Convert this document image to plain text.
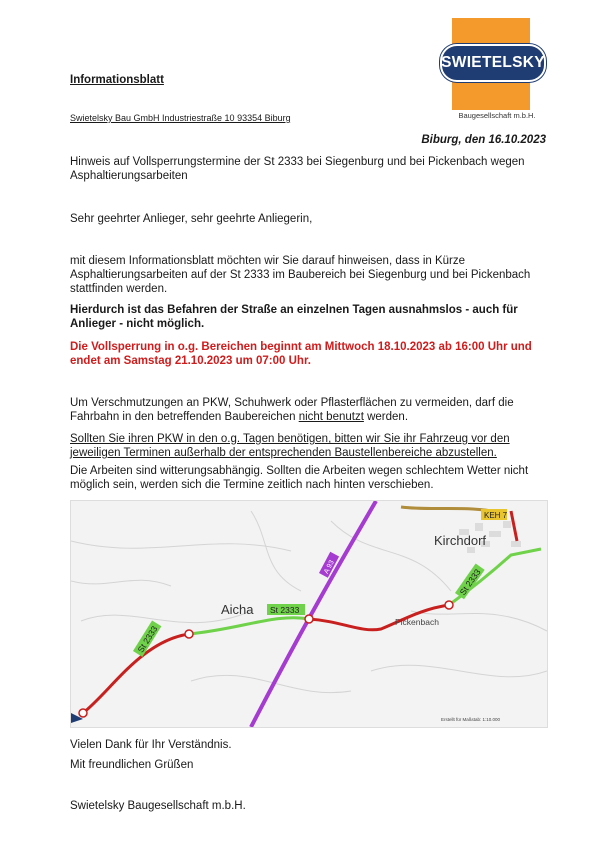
SWIETELSKY
Baugesellschaft m.b.H.
Informationsblatt
Swietelsky Bau GmbH Industriestraße 10 93354 Biburg
Biburg, den 16.10.2023
Hinweis auf Vollsperrungstermine der St 2333 bei Siegenburg und bei Pickenbach wegen Asphaltierungsarbeiten
Sehr geehrter Anlieger, sehr geehrte Anliegerin,
mit diesem Informationsblatt möchten wir Sie darauf hinweisen, dass in Kürze Asphaltierungsarbeiten auf der St 2333 im Baubereich bei Siegenburg und bei Pickenbach stattfinden werden.
Hierdurch ist das Befahren der Straße an einzelnen Tagen ausnahmslos - auch für Anlieger - nicht möglich.
Die Vollsperrung in o.g. Bereichen beginnt am Mittwoch 18.10.2023 ab 16:00 Uhr und endet am Samstag 21.10.2023 um 07:00 Uhr.
Um Verschmutzungen an PKW, Schuhwerk oder Pflasterflächen zu vermeiden, darf die Fahrbahn in den betreffenden Baubereichen nicht benutzt werden.
Sollten Sie ihren PKW in den o.g. Tagen benötigen, bitten wir Sie ihr Fahrzeug vor den jeweiligen Terminen außerhalb der entsprechenden Baustellenbereiche abzustellen.
Die Arbeiten sind witterungsabhängig. Sollten die Arbeiten wegen schlechtem Wetter nicht möglich sein, werden sich die Termine zeitlich nach hinten verschieben.
St 2333
St 2333
St 2333
KEH 7
A 93
Kirchdorf
Aicha
Pickenbach
Erstellt für Maßstab: 1:10.000
Vielen Dank für Ihr Verständnis.
Mit freundlichen Grüßen
Swietelsky Baugesellschaft m.b.H.
